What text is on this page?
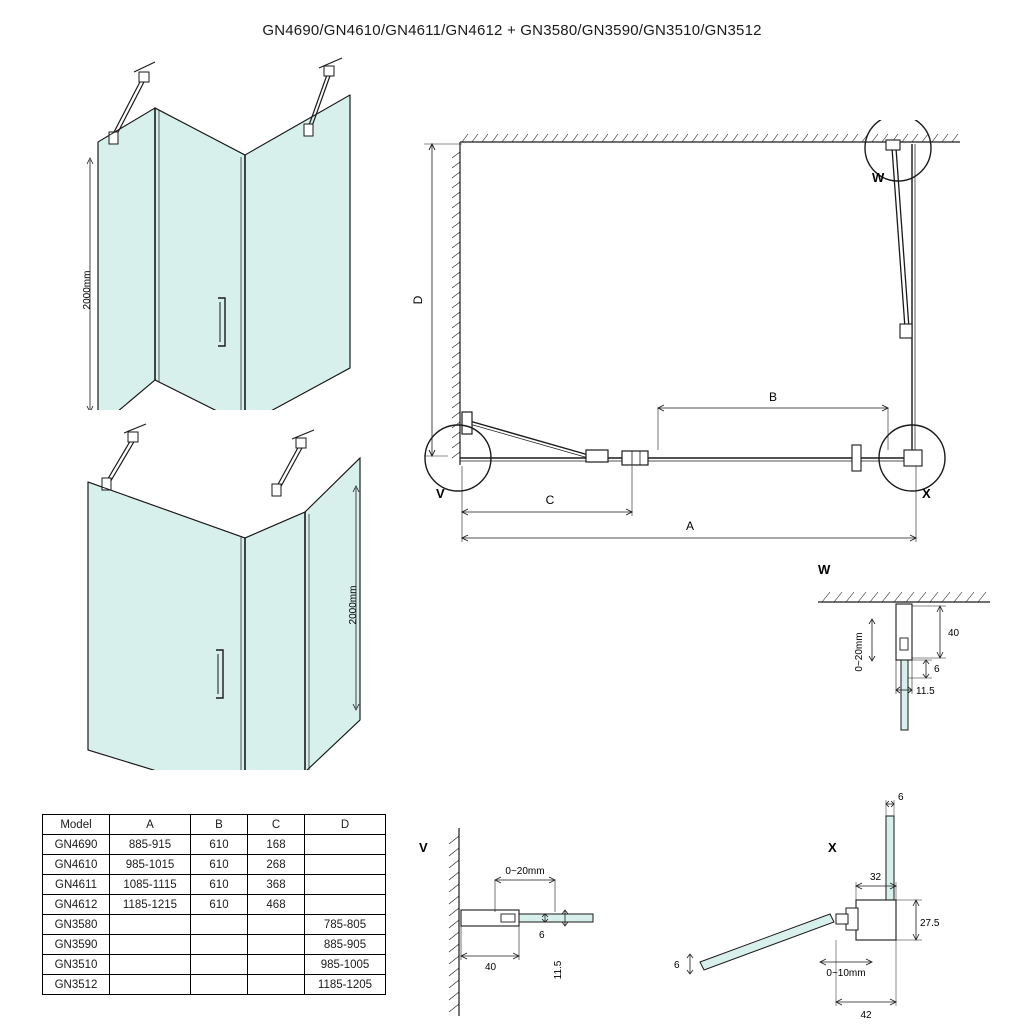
GN4690/GN4610/GN4611/GN4612 + GN3580/GN3590/GN3510/GN3512
2000mm
2000mm
W
V	X
D
B
C
A
W
40
6
11.5
0~20mm
V
0~20mm
40
6
11.5
X
6
32
27.5
6
0~10mm
42
Model	A	B	C	D
GN4690	885-915	610	168	
GN4610	985-1015	610	268	
GN4611	1085-1115	610	368	
GN4612	1185-1215	610	468	
GN3580				785-805
GN3590				885-905
GN3510				985-1005
GN3512				1185-1205
